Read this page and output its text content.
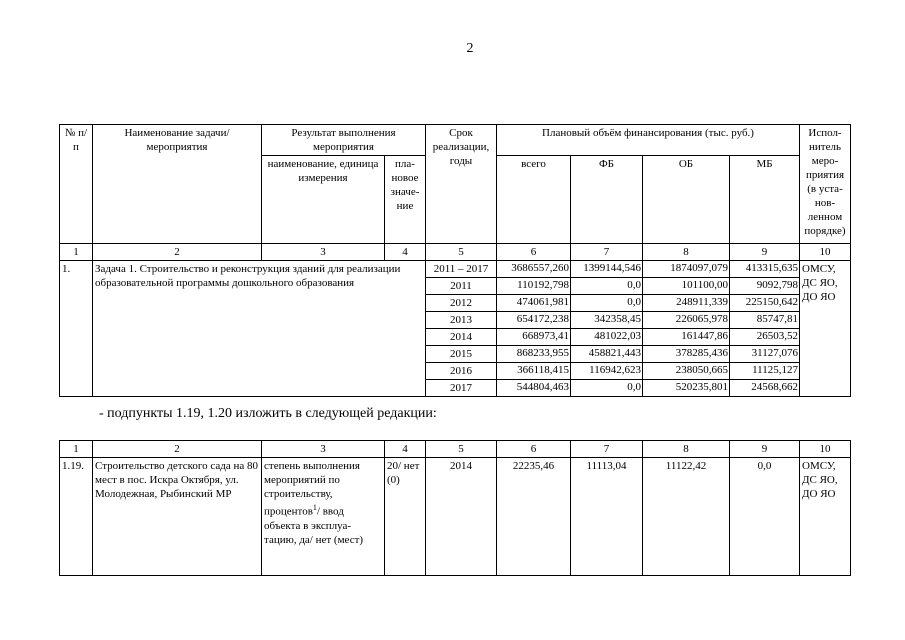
2
№ п/п	Наименование задачи/мероприятия	Результат выполнения мероприятия		Срок реализации, годы	Плановый объём финансирования (тыс. руб.)				Испол-нитель меро-приятия (в уста-нов-ленном порядке)
		наименование, единица измерения	пла-новое значе-ние		всего	ФБ	ОБ	МБ	
1	2	3	4	5	6	7	8	9	10
1.	Задача 1. Строительство и реконструкция зданий для реализации образовательной программы дошкольного образования			2011 – 2017	3686557,260	1399144,546	1874097,079	413315,635	ОМСУ, ДС ЯО, ДО ЯО
				2011	110192,798	0,0	101100,00	9092,798	
				2012	474061,981	0,0	248911,339	225150,642	
				2013	654172,238	342358,45	226065,978	85747,81	
				2014	668973,41	481022,03	161447,86	26503,52	
				2015	868233,955	458821,443	378285,436	31127,076	
				2016	366118,415	116942,623	238050,665	11125,127	
				2017	544804,463	0,0	520235,801	24568,662	
- подпункты 1.19, 1.20 изложить в следующей редакции:
1	2	3	4	5	6	7	8	9	10
1.19.	Строительство детского сада на 80 мест в пос. Искра Октября, ул. Молодежная, Рыбинский МР	степень выполнения мероприятий по строительству, процентов$^1$/ ввод объекта в эксплуа-тацию, да/ нет (мест)	20/ нет (0)	2014	22235,46	11113,04	11122,42	0,0	ОМСУ, ДС ЯО, ДО ЯО
